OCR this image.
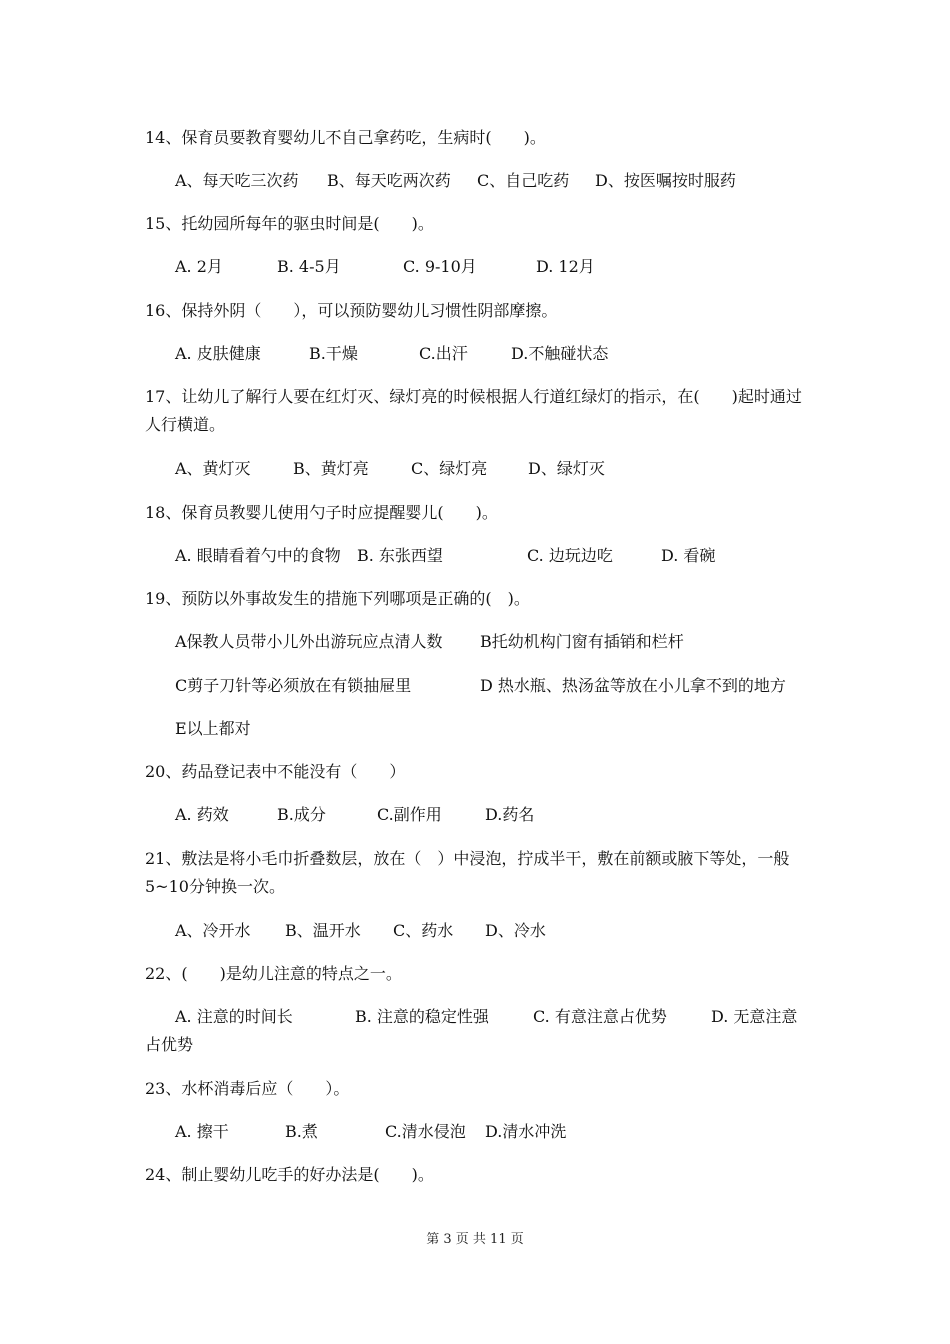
14、保育员要教育婴幼儿不自己拿药吃，生病时(　　)。
A、每天吃三次药 B、每天吃两次药 C、自己吃药 D、按医嘱按时服药
15、托幼园所每年的驱虫时间是(　　)。
A. 2月	B. 4-5月	C. 9-10月	D. 12月
16、保持外阴（　　），可以预防婴幼儿习惯性阴部摩擦。
A. 皮肤健康	B.干燥	C.出汗	D.不触碰状态
17、让幼儿了解行人要在红灯灭、绿灯亮的时候根据人行道红绿灯的指示，在(　　)起时通过人行横道。
A、黄灯灭	B、黄灯亮	C、绿灯亮	D、绿灯灭
18、保育员教婴儿使用勺子时应提醒婴儿(　　)。
A. 眼睛看着勺中的食物 B. 东张西望	C. 边玩边吃	D. 看碗
19、预防以外事故发生的措施下列哪项是正确的(　)。
A保教人员带小儿外出游玩应点清人数 B托幼机构门窗有插销和栏杆
C剪子刀针等必须放在有锁抽屉里	D 热水瓶、热汤盆等放在小儿拿不到的地方
E以上都对
20、药品登记表中不能没有（　　）
A. 药效	B.成分	C.副作用	D.药名
21、敷法是将小毛巾折叠数层，放在（　）中浸泡，拧成半干，敷在前额或腋下等处，一般5~10分钟换一次。
A、冷开水 B、温开水 C、药水 D、冷水
22、(　　)是幼儿注意的特点之一。
A. 注意的时间长	B. 注意的稳定性强	C. 有意注意占优势	D. 无意注意
占优势
23、水杯消毒后应（　　）。
A. 擦干	B.煮	C.清水侵泡 D.清水冲洗
24、制止婴幼儿吃手的好办法是(　　)。
第 3 页 共 11 页
